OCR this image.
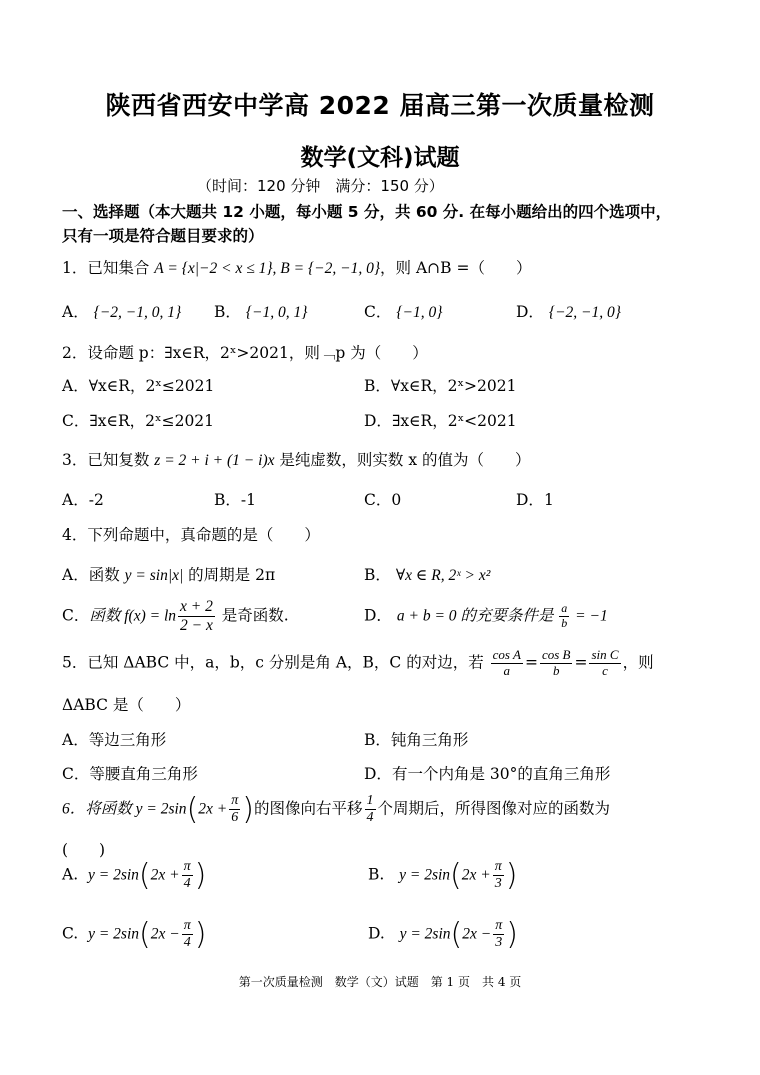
陕西省西安中学高 2022 届高三第一次质量检测
数学(文科)试题
（时间：120 分钟　满分：150 分）
一、选择题（本大题共 12 小题，每小题 5 分，共 60 分. 在每小题给出的四个选项中，
只有一项是符合题目要求的）
1．已知集合 A = {x|−2 < x ≤ 1}, B = {−2, −1, 0}，则 A∩B =（　　）
A． {−2, −1, 0, 1} B． {−1, 0, 1}	C． {−1, 0}	D． {−2, −1, 0}
2．设命题 p：∃x∈R，2ˣ>2021，则﹁p 为（　　）
A．∀x∈R，2ˣ≤2021	B．∀x∈R，2ˣ>2021
C．∃x∈R，2ˣ≤2021	D．∃x∈R，2ˣ<2021
3．已知复数 z = 2 + i + (1 − i)x 是纯虚数，则实数 x 的值为（　　）
A．-2	B．-1	C．0	D．1
4．下列命题中，真命题的是（　　）
A．函数 y = sin|x| 的周期是 2π	B． ∀x ∈ R, 2ˣ > x²
C．函数 $f(x) = \ln \frac{x + 2}{2 - x}$ 是奇函数.	D． a + b = 0 的充要条件是 $\frac{a}{b} = -1$
5．已知 ΔABC 中，a，b，c 分别是角 A，B，C 的对边，若 $\frac{\text{cos A}}{a} = \frac{\text{cos B}}{b} = \frac{\text{sin C}}{c}$ ，则
ΔABC 是（　　）
A．等边三角形	B．钝角三角形
C．等腰直角三角形	D．有一个内角是 30°的直角三角形
6．将函数 $y = 2\sin(2x + \frac{\pi}{6}$ )的图像向右平移 $\frac{1}{4}$ 个周期后，所得图像对应的函数为
(　　)
A. $y = 2\sin(2x + \frac{\pi}{4}$ )	B. $y = 2\sin(2x + \frac{\pi}{3}$ )
C. $y = 2\sin(2x - \frac{\pi}{4}$ )	D. $y = 2\sin(2x - \frac{\pi}{3}$ )
第一次质量检测　数学（文）试题　第 1 页　共 4 页
